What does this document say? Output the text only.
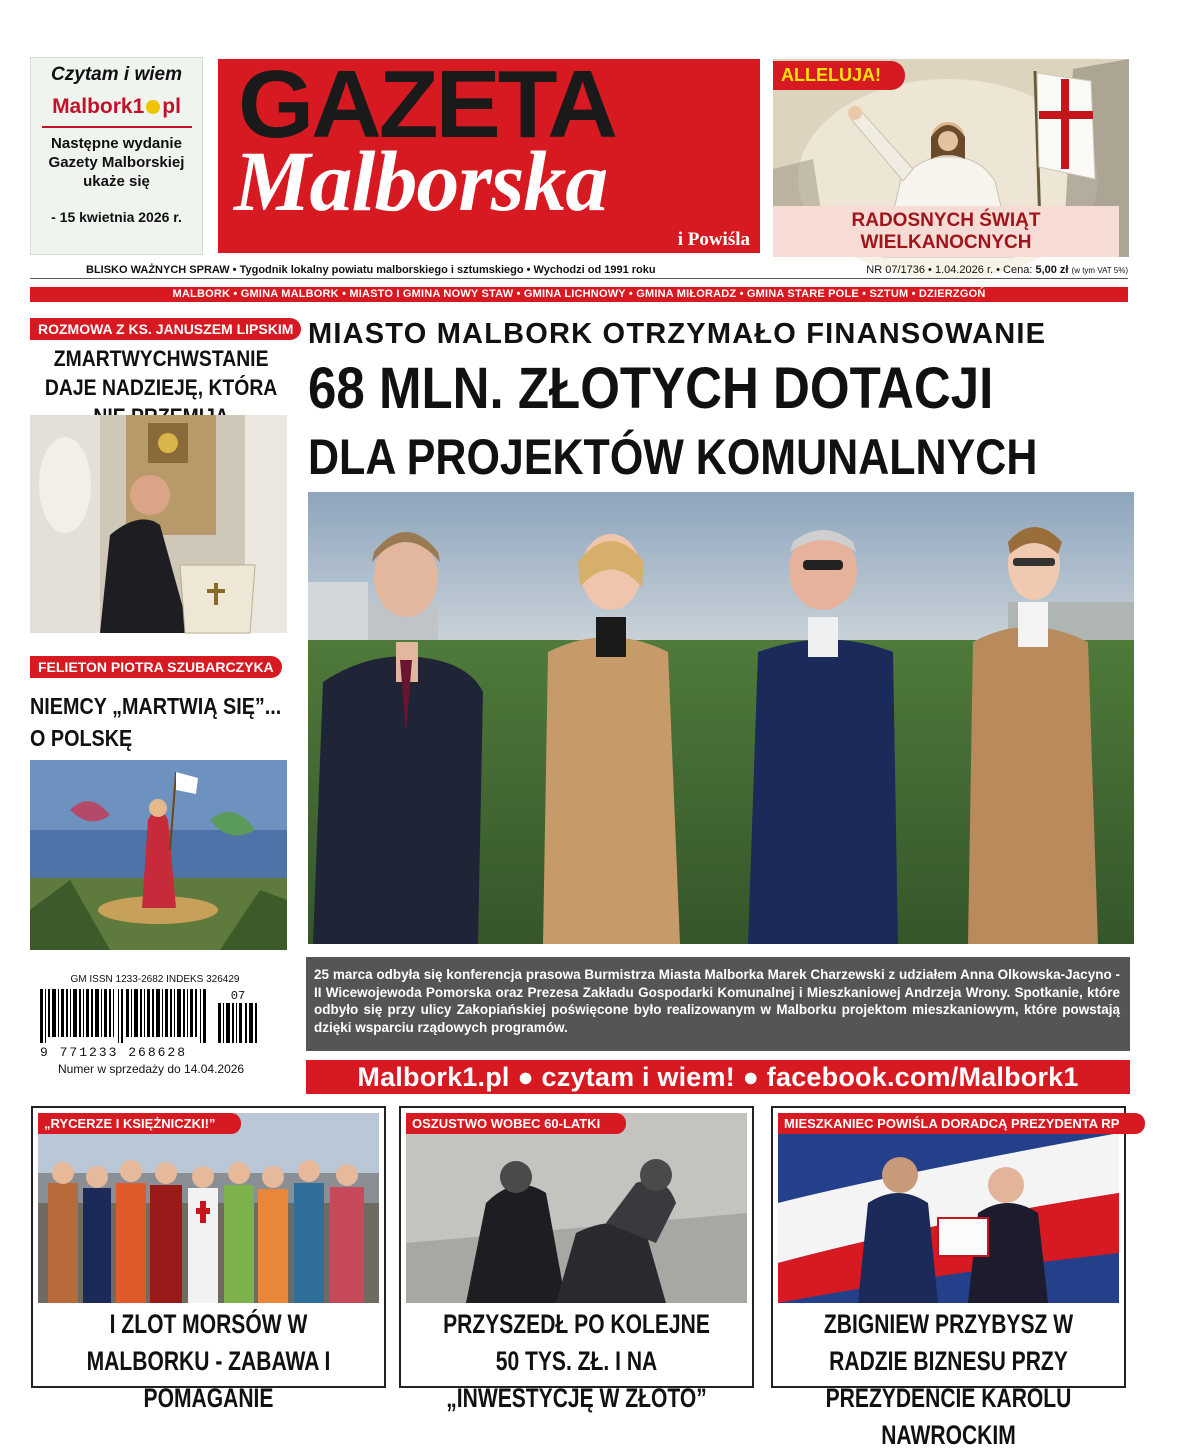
Czytam i wiem
Malbork1 pl
Następne wydanie Gazety Malborskiej ukaże się
- 15 kwietnia 2026 r.
GAZETA
Malborska
i Powiśla
ALLELUJA!
RADOSNYCH ŚWIĄT WIELKANOCNYCH
BLISKO WAŻNYCH SPRAW • Tygodnik lokalny powiatu malborskiego i sztumskiego • Wychodzi od 1991 roku	NR 07/1736 • 1.04.2026 r. • Cena: 5,00 zł (w tym VAT 5%)
MALBORK • GMINA MALBORK • MIASTO I GMINA NOWY STAW • GMINA LICHNOWY • GMINA MIŁORADZ • GMINA STARE POLE • SZTUM • DZIERZGOŃ
ROZMOWA Z KS. JANUSZEM LIPSKIM
ZMARTWYCHWSTANIE DAJE NADZIEJĘ, KTÓRA
FELIETON PIOTRA SZUBARCZYKA
NIEMCY „MARTWIĄ SIĘ”... O POLSKĘ
GM ISSN 1233-2682 INDEKS 326429
07
9 771233 268628
Numer w sprzedaży do 14.04.2026
MIASTO MALBORK OTRZYMAŁO FINANSOWANIE
68 MLN. ZŁOTYCH DOTACJI
DLA PROJEKTÓW KOMUNALNYCH
25 marca odbyła się konferencja prasowa Burmistrza Miasta Malborka Marek Charzewski z udziałem Anna Olkowska-Jacyno - II Wicewojewoda Pomorska oraz Prezesa Zakładu Gospodarki Komunalnej i Mieszkaniowej Andrzeja Wrony. Spotkanie, które odbyło się przy ulicy Zakopiańskiej poświęcone było realizowanym w Malborku projektom mieszkaniowym, które powstają dzięki wsparciu rządowych programów.
Malbork1.pl ● czytam i wiem! ● facebook.com/Malbork1
„RYCERZE I KSIĘŻNICZKI!”
I ZLOT MORSÓW W MALBORKU - ZABAWA I POMAGANIE
OSZUSTWO WOBEC 60-LATKI
PRZYSZEDŁ PO KOLEJNE 50 TYS. ZŁ. I NA „INWESTYCJĘ W ZŁOTO”
MIESZKANIEC POWIŚLA DORADCĄ PREZYDENTA RP
ZBIGNIEW PRZYBYSZ W RADZIE BIZNESU PRZY PREZYDENCIE KAROLU NAWROCKIM
